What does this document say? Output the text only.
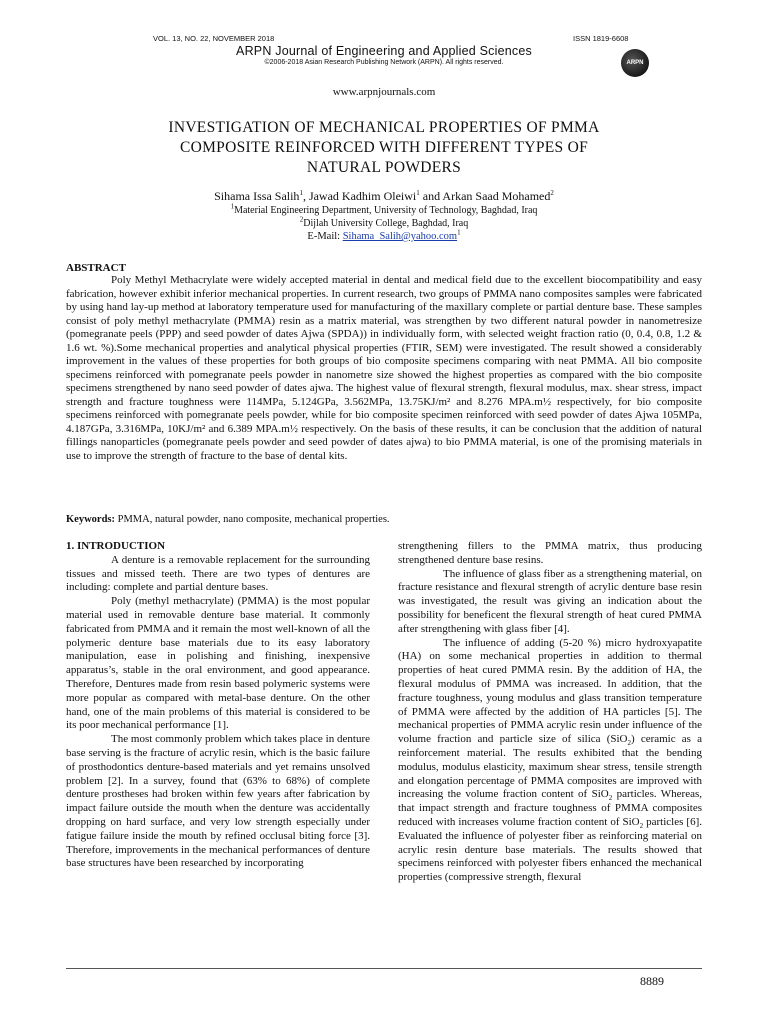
VOL. 13, NO. 22, NOVEMBER 2018	ISSN 1819-6608
ARPN Journal of Engineering and Applied Sciences
©2006-2018 Asian Research Publishing Network (ARPN). All rights reserved.	ARPN
www.arpnjournals.com
INVESTIGATION OF MECHANICAL PROPERTIES OF PMMA
COMPOSITE REINFORCED WITH DIFFERENT TYPES OF
NATURAL POWDERS
Sihama Issa Salih$^1$, Jawad Kadhim Oleiwi$^1$ and Arkan Saad Mohamed$^2$
$^1$Material Engineering Department, University of Technology, Baghdad, Iraq
$^2$Dijlah University College, Baghdad, Iraq
E-Mail: Sihama_Salih@yahoo.com$^1$
ABSTRACT
Poly Methyl Methacrylate were widely accepted material in dental and medical field due to the excellent biocompatibility and easy fabrication, however exhibit inferior mechanical properties. In current research, two groups of PMMA nano composites samples were fabricated by using hand lay-up method at laboratory temperature used for manufacturing of the maxillary complete or partial denture base. These samples consist of poly methyl methacrylate (PMMA) resin as a matrix material, was strengthen by two different natural powder in nanometresize (pomegranate peels (PPP) and seed powder of dates Ajwa (SPDA)) in individually form, with selected weight fraction ratio (0, 0.4, 0.8, 1.2 & 1.6 wt. %).Some mechanical properties and analytical physical properties (FTIR, SEM) were investigated. The result showed a considerably improvement in the values of these properties for both groups of bio composite specimens comparing with neat PMMA. All bio composite specimens reinforced with pomegranate peels powder in nanometre size showed the highest properties as compared with the bio composite specimens strengthened by nano seed powder of dates ajwa. The highest value of flexural strength, flexural modulus, max. shear stress, impact strength and fracture toughness were 114MPa, 5.124GPa, 3.562MPa, 13.75KJ/m² and 8.276 MPA.m½ respectively, for bio composite specimens reinforced with pomegranate peels powder, while for bio composite specimen reinforced with seed powder of dates Ajwa 105MPa, 4.187GPa, 3.316MPa, 10KJ/m² and 6.389 MPA.m½ respectively. On the basis of these results, it can be conclusion that the addition of natural fillings nanoparticles (pomegranate peels powder and seed powder of dates ajwa) to bio PMMA material, is one of the promising materials in use to improve the strength of fracture to the base of dental kits.
Keywords: PMMA, natural powder, nano composite, mechanical properties.

1. INTRODUCTION

A denture is a removable replacement for the surrounding tissues and missed teeth. There are two types of dentures are including: complete and partial denture bases.

Poly (methyl methacrylate) (PMMA) is the most popular material used in removable denture base material. It commonly fabricated from PMMA and it remain the most well-known of all the polymeric denture base materials due to its easy laboratory manipulation, ease in polishing and finishing, inexpensive apparatus’s, stable in the oral environment, and good appearance. Therefore, Dentures made from resin based polymeric systems were more popular as compared with metal-base denture. On the other hand, one of the main problems of this material is considered to be its poor mechanical performance [1].

The most commonly problem which takes place in denture base serving is the fracture of acrylic resin, which is the basic failure of prosthodontics denture-based materials and yet remains unsolved problem [2]. In a survey, found that (63% to 68%) of complete denture prostheses had broken within few years after fabrication by impact failure outside the mouth when the denture was accidentally dropping on hard surface, and very low strength especially under fatigue failure inside the mouth by refined occlusal biting force [3]. Therefore, improvements in the mechanical performances of denture base structures have been researched by incorporating

strengthening fillers to the PMMA matrix, thus producing strengthened denture base resins.

The influence of glass fiber as a strengthening material, on fracture resistance and flexural strength of acrylic denture base resin was investigated, the result was giving an indication about the possibility for beneficent the flexural strength of heat cured PMMA after strengthening with glass fiber [4].

The influence of adding (5-20 %) micro hydroxyapatite (HA) on some mechanical properties in addition to thermal properties of heat cured PMMA resin. By the addition of HA, the flexural modulus of PMMA was increased. In addition, that the fracture toughness, young modulus and glass transition temperature of PMMA were affected by the addition of HA particles [5]. The mechanical properties of PMMA acrylic resin under influence of the volume fraction and particle size of silica (SiO$_2$) ceramic as a reinforcement material. The results exhibited that the bending modulus, modulus elasticity, maximum shear stress, tensile strength and elongation percentage of PMMA composites are improved with increasing the volume fraction content of SiO$_2$ particles. Whereas, that impact strength and fracture toughness of PMMA composites reduced with increases volume fraction content of SiO$_2$ particles [6]. Evaluated the influence of polyester fiber as reinforcing material on acrylic resin denture base materials. The results showed that specimens reinforced with polyester fibers enhanced the mechanical properties (compressive strength, flexural

8889
